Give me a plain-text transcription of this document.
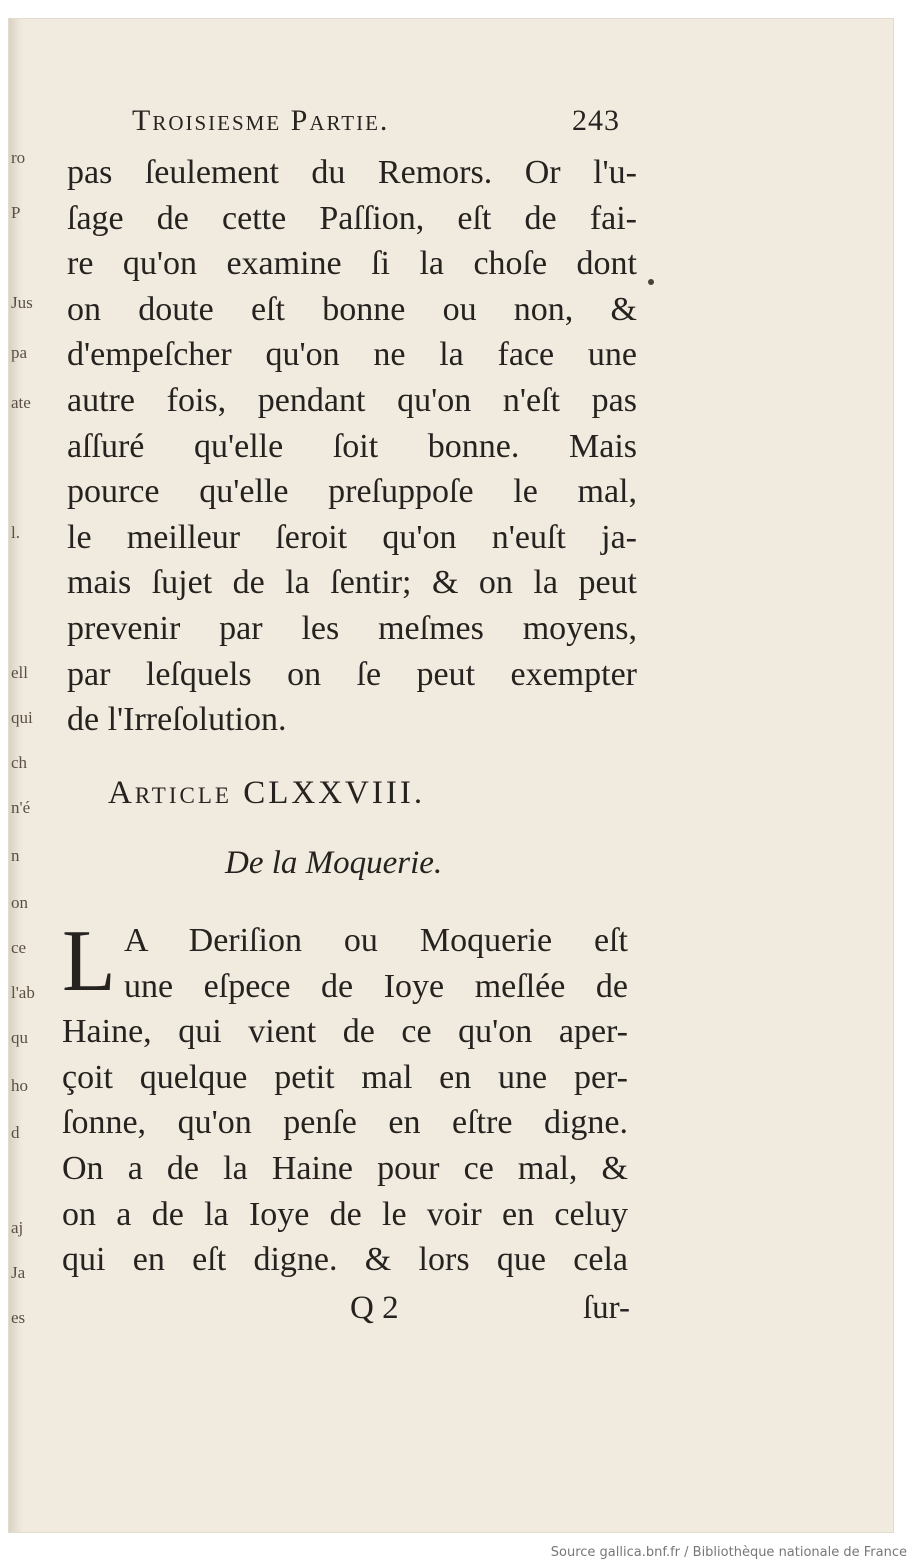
ro
P
Jus
pa
ate
l.
ell
qui
ch
n'é
n
on
ce
l'ab
qu
ho
d
aj
Ja
es
Troisiesme Partie.	243
pas ſeulement du Remors. Or l'u-
ſage de cette Paſſion, eſt de fai-
re qu'on examine ſi la choſe dont
on doute eſt bonne ou non, &
d'empeſcher qu'on ne la face une
autre fois, pendant qu'on n'eſt pas
aſſuré qu'elle ſoit bonne. Mais
pource qu'elle preſuppoſe le mal,
le meilleur ſeroit qu'on n'euſt ja-
mais ſujet de la ſentir; & on la peut
prevenir par les meſmes moyens,
par leſquels on ſe peut exempter
de l'Irreſolution.
Article CLXXVIII.
De la Moquerie.
L A Deriſion ou Moquerie eſt
une eſpece de Ioye meſlée de
Haine, qui vient de ce qu'on aper-
çoit quelque petit mal en une per-
ſonne, qu'on penſe en eſtre digne.
On a de la Haine pour ce mal, &
on a de la Ioye de le voir en celuy
qui en eſt digne. & lors que cela
Q 2	ſur-
Source gallica.bnf.fr / Bibliothèque nationale de France
